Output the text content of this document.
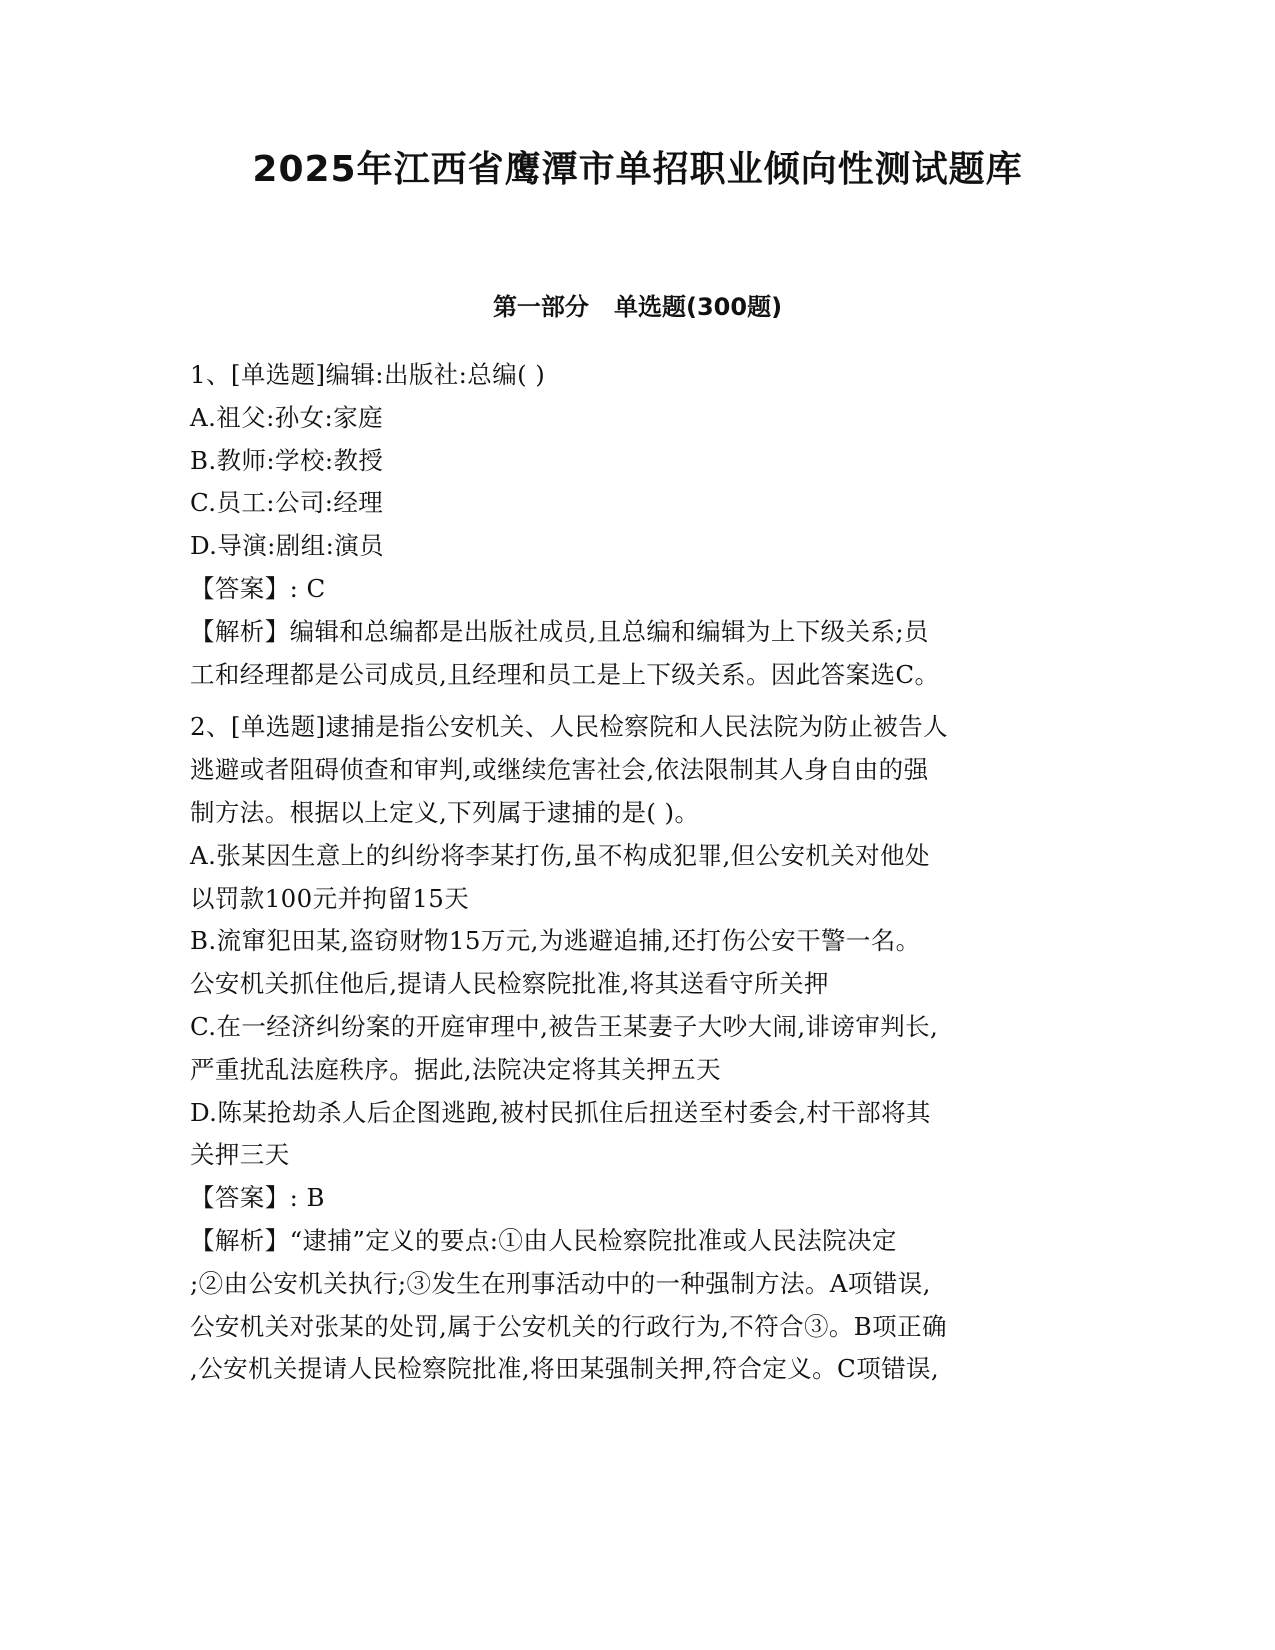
2025年江西省鹰潭市单招职业倾向性测试题库
第一部分   单选题(300题)
1、[单选题]编辑:出版社:总编( )
A.祖父:孙女:家庭
B.教师:学校:教授
C.员工:公司:经理
D.导演:剧组:演员
【答案】: C
【解析】编辑和总编都是出版社成员,且总编和编辑为上下级关系;员
工和经理都是公司成员,且经理和员工是上下级关系。因此答案选C。
2、[单选题]逮捕是指公安机关、人民检察院和人民法院为防止被告人
逃避或者阻碍侦查和审判,或继续危害社会,依法限制其人身自由的强
制方法。根据以上定义,下列属于逮捕的是( )。
A.张某因生意上的纠纷将李某打伤,虽不构成犯罪,但公安机关对他处
以罚款100元并拘留15天
B.流窜犯田某,盗窃财物15万元,为逃避追捕,还打伤公安干警一名。
公安机关抓住他后,提请人民检察院批准,将其送看守所关押
C.在一经济纠纷案的开庭审理中,被告王某妻子大吵大闹,诽谤审判长,
严重扰乱法庭秩序。据此,法院决定将其关押五天
D.陈某抢劫杀人后企图逃跑,被村民抓住后扭送至村委会,村干部将其
关押三天
【答案】: B
【解析】“逮捕”定义的要点:①由人民检察院批准或人民法院决定
;②由公安机关执行;③发生在刑事活动中的一种强制方法。A项错误,
公安机关对张某的处罚,属于公安机关的行政行为,不符合③。B项正确
,公安机关提请人民检察院批准,将田某强制关押,符合定义。C项错误,
